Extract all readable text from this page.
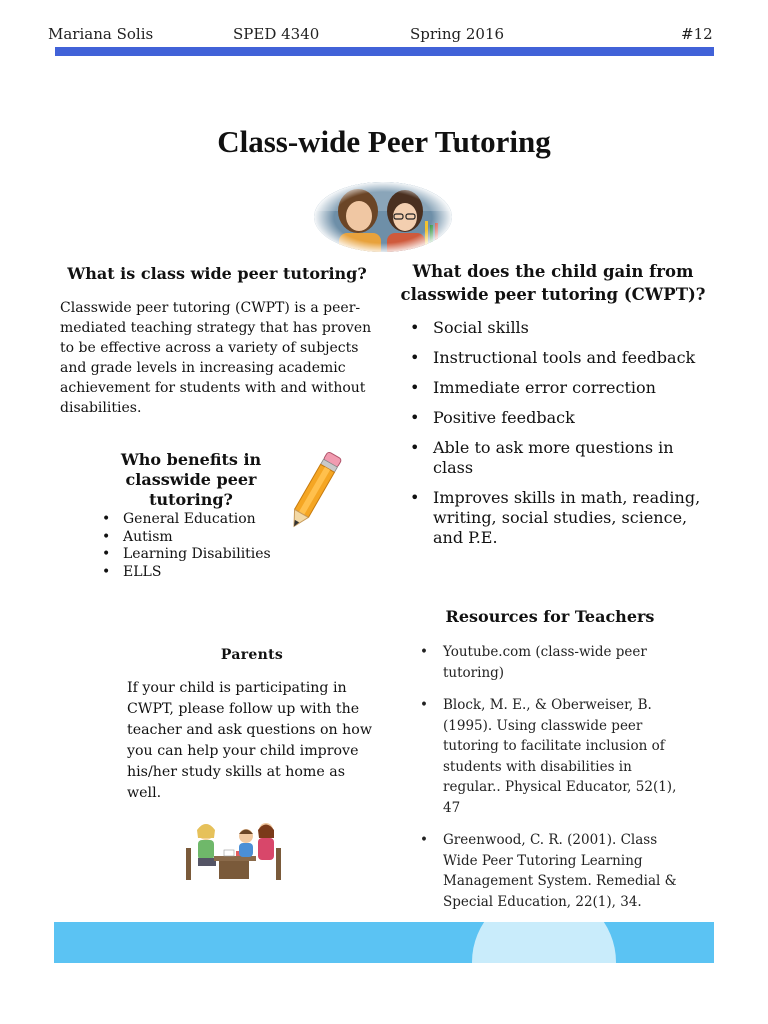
Mariana Solis	SPED 4340	Spring 2016	#12
Class-wide Peer Tutoring
What is class wide peer tutoring?
Classwide peer tutoring (CWPT) is a peer-mediated teaching strategy that has proven to be effective across a variety of subjects and grade levels in increasing academic achievement for students with and without disabilities.
What does the child gain from classwide peer tutoring (CWPT)?
• Social skills
• Instructional tools and feedback
• Immediate error correction
• Positive feedback
• Able to ask more questions in class
• Improves skills in math, reading, writing, social studies, science, and P.E.
Who benefits in classwide peer tutoring?
• General Education
• Autism
• Learning Disabilities
• ELLS
Resources for Teachers
• Youtube.com (class-wide peer tutoring)
• Block, M. E., & Oberweiser, B. (1995). Using classwide peer tutoring to facilitate inclusion of students with disabilities in regular.. Physical Educator, 52(1), 47
• Greenwood, C. R. (2001). Class Wide Peer Tutoring Learning Management System. Remedial & Special Education, 22(1), 34.
Parents
If your child is participating in CWPT, please follow up with the teacher and ask questions on how you can help your child improve his/her study skills at home as well.
